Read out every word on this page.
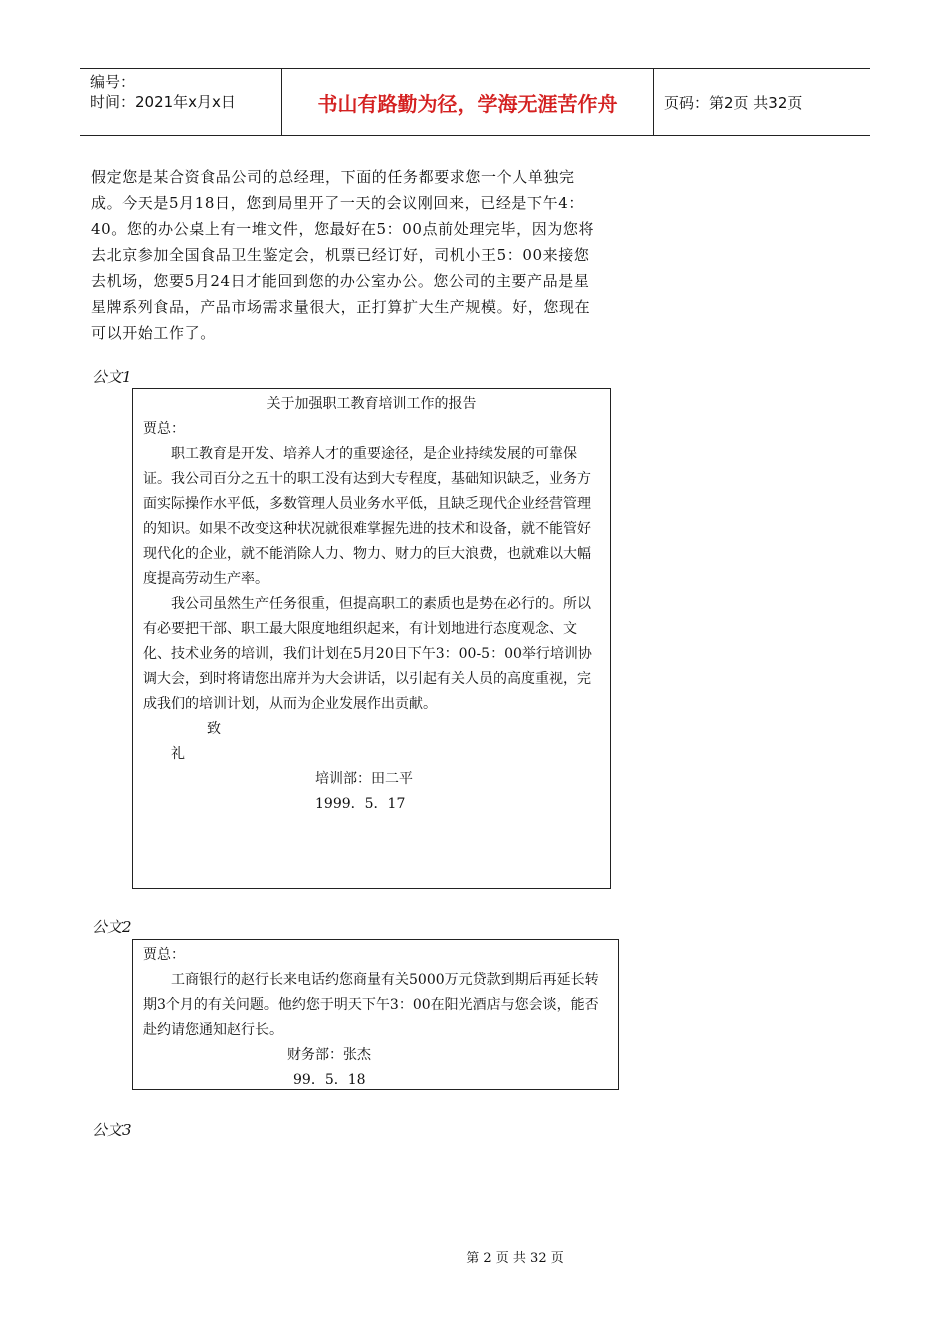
编号：
时间：2021年x月x日	书山有路勤为径，学海无涯苦作舟	页码：第2页 共32页

假定您是某合资食品公司的总经理，下面的任务都要求您一个人单独完成。今天是5月18日，您到局里开了一天的会议刚回来，已经是下午4：40。您的办公桌上有一堆文件，您最好在5：00点前处理完毕，因为您将去北京参加全国食品卫生鉴定会，机票已经订好，司机小王5：00来接您去机场，您要5月24日才能回到您的办公室办公。您公司的主要产品是星星牌系列食品，产品市场需求量很大，正打算扩大生产规模。好，您现在可以开始工作了。

公文1

关于加强职工教育培训工作的报告

贾总：

职工教育是开发、培养人才的重要途径，是企业持续发展的可靠保证。我公司百分之五十的职工没有达到大专程度，基础知识缺乏，业务方面实际操作水平低，多数管理人员业务水平低，且缺乏现代企业经营管理的知识。如果不改变这种状况就很难掌握先进的技术和设备，就不能管好现代化的企业，就不能消除人力、物力、财力的巨大浪费，也就难以大幅度提高劳动生产率。

我公司虽然生产任务很重，但提高职工的素质也是势在必行的。所以有必要把干部、职工最大限度地组织起来，有计划地进行态度观念、文化、技术业务的培训，我们计划在5月20日下午3：00-5：00举行培训协调大会，到时将请您出席并为大会讲话，以引起有关人员的高度重视，完成我们的培训计划，从而为企业发展作出贡献。

致

礼

培训部：田二平

1999．5．17

公文2

贾总：

工商银行的赵行长来电话约您商量有关5000万元贷款到期后再延长转期3个月的有关问题。他约您于明天下午3：00在阳光酒店与您会谈，能否赴约请您通知赵行长。

财务部：张杰

99．5．18

公文3
第 2 页 共 32 页
